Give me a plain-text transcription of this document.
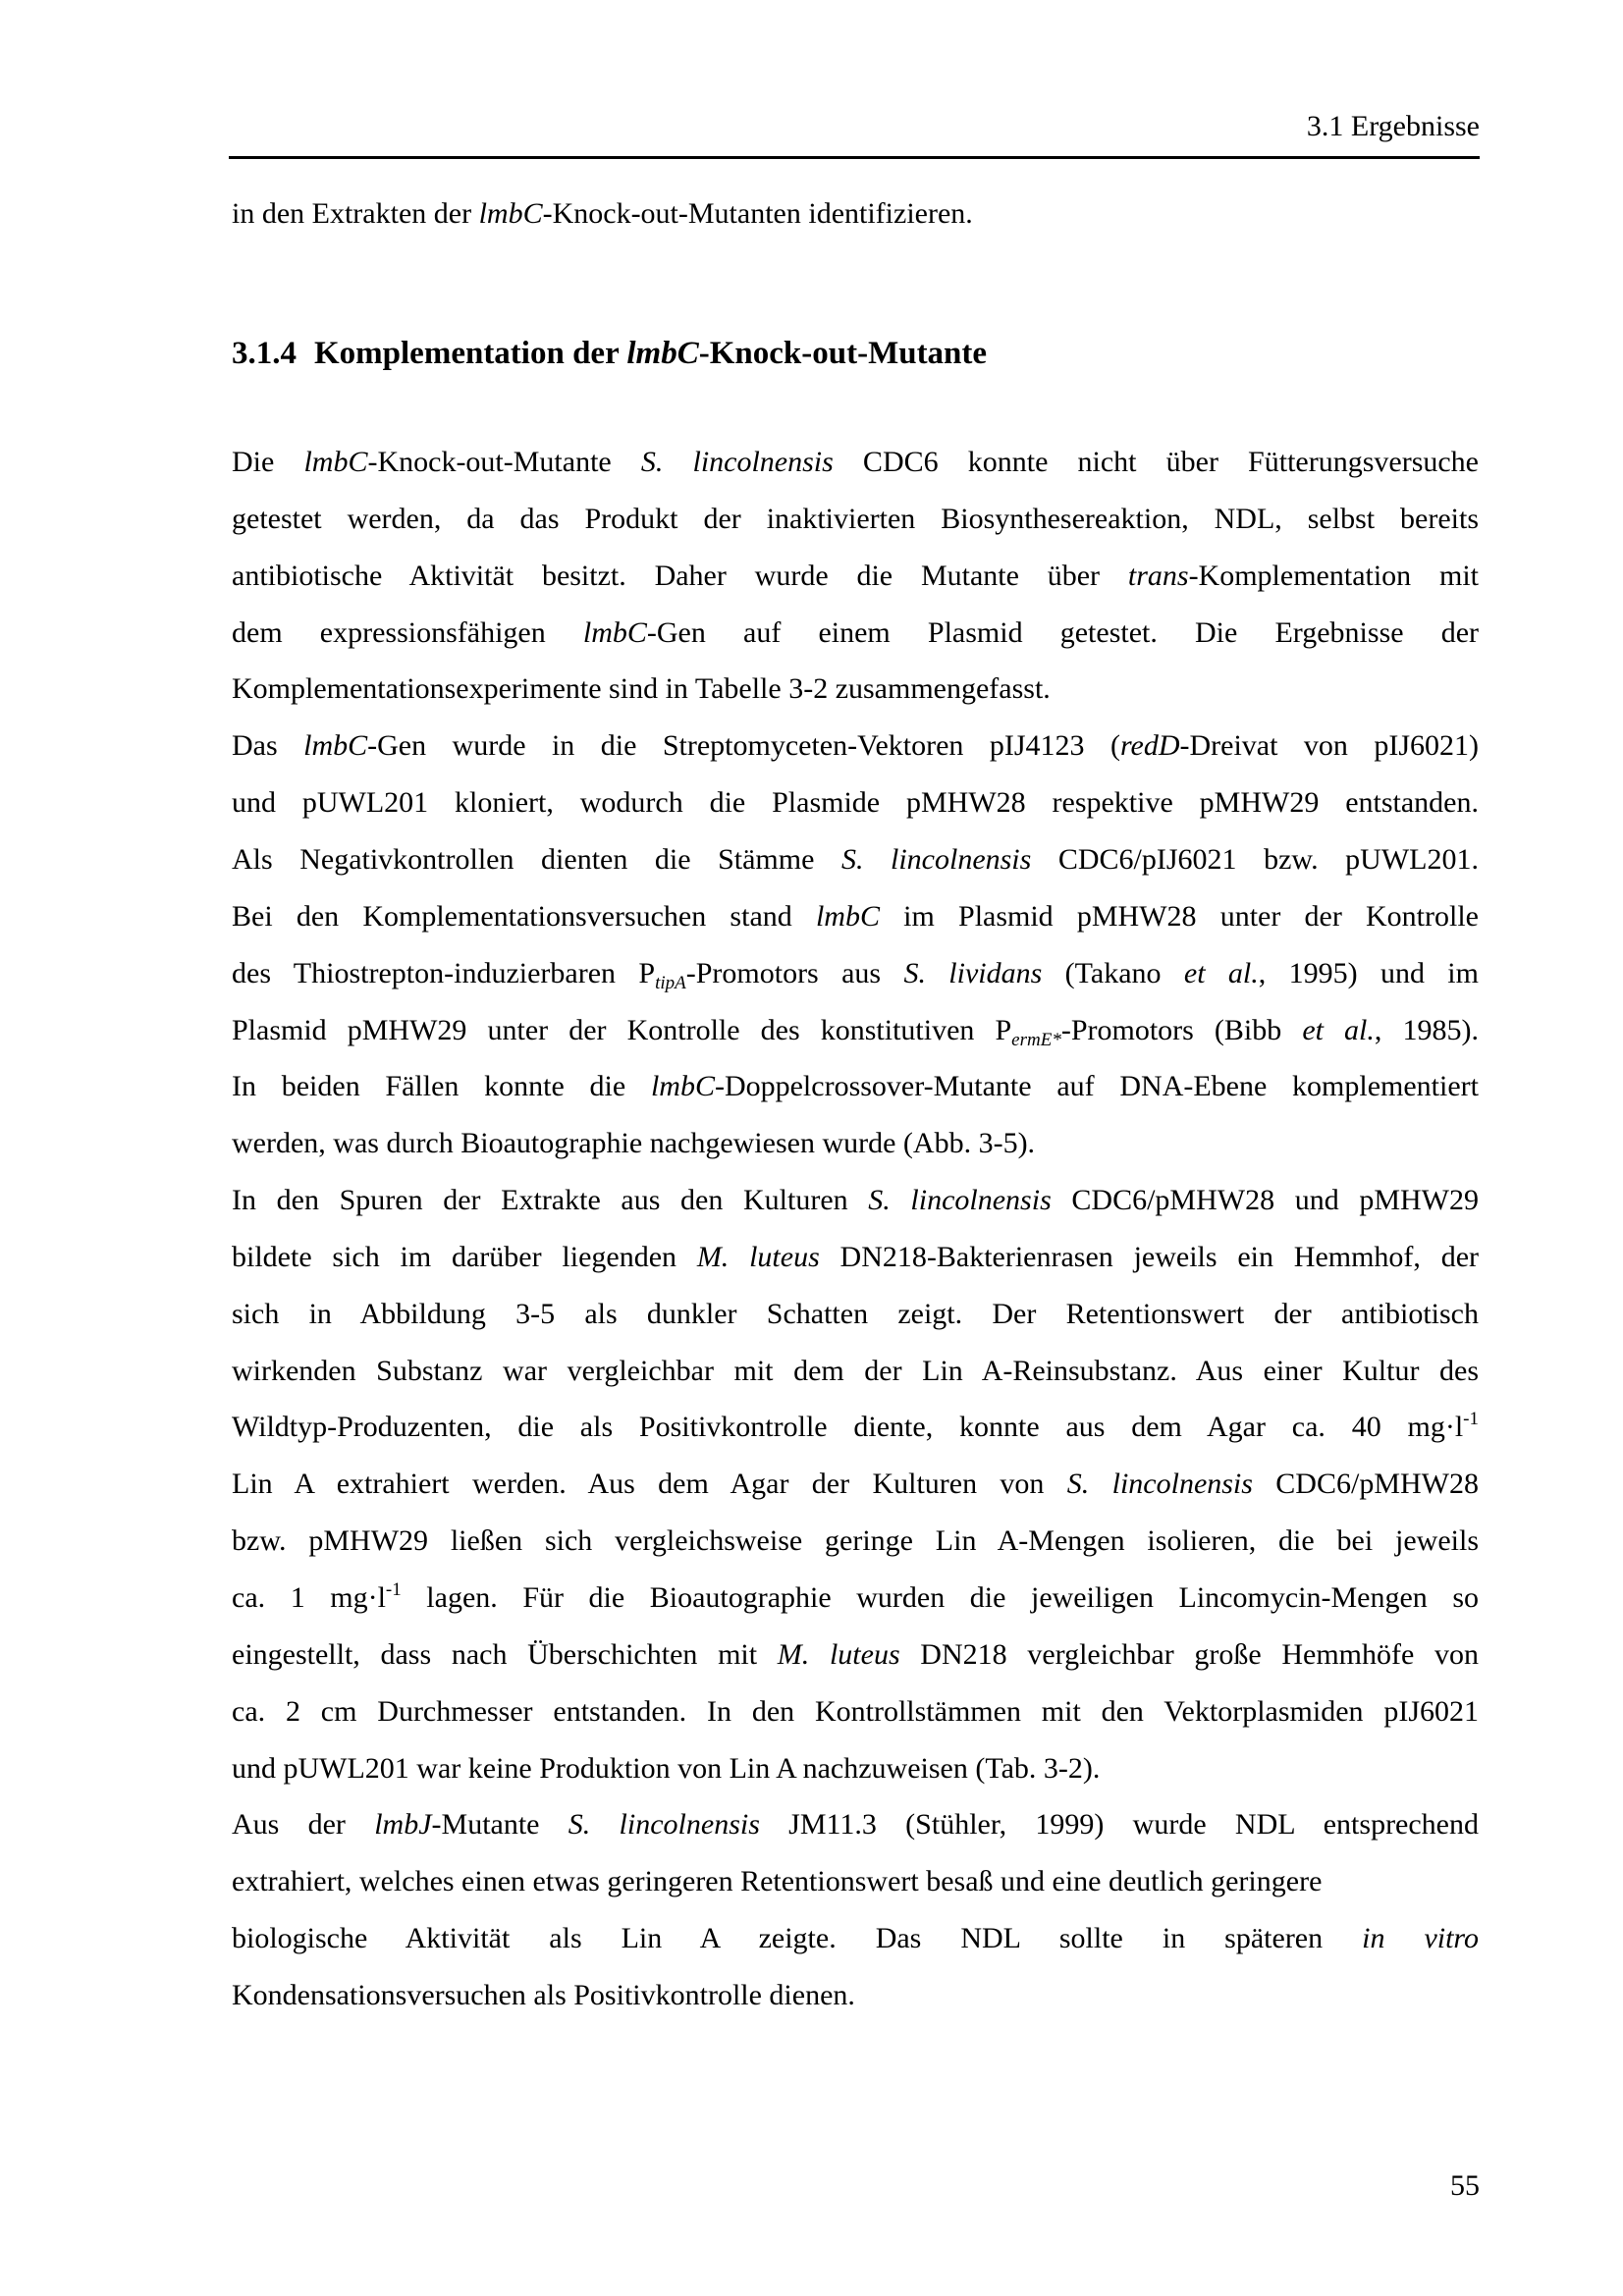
3.1 Ergebnisse
in den Extrakten der lmbC-Knock-out-Mutanten identifizieren.
3.1.4 Komplementation der lmbC-Knock-out-Mutante
Die lmbC-Knock-out-Mutante S. lincolnensis CDC6 konnte nicht über Fütterungsversuche
getestet werden, da das Produkt der inaktivierten Biosynthesereaktion, NDL, selbst bereits
antibiotische Aktivität besitzt. Daher wurde die Mutante über trans-Komplementation mit
dem expressionsfähigen lmbC-Gen auf einem Plasmid getestet. Die Ergebnisse der
Komplementationsexperimente sind in Tabelle 3-2 zusammengefasst.
Das lmbC-Gen wurde in die Streptomyceten-Vektoren pIJ4123 (redD-Dreivat von pIJ6021)
und pUWL201 kloniert, wodurch die Plasmide pMHW28 respektive pMHW29 entstanden.
Als Negativkontrollen dienten die Stämme S. lincolnensis CDC6/pIJ6021 bzw. pUWL201.
Bei den Komplementationsversuchen stand lmbC im Plasmid pMHW28 unter der Kontrolle
des Thiostrepton-induzierbaren $P_{tipA}$-Promotors aus S. lividans (Takano et al., 1995) und im
Plasmid pMHW29 unter der Kontrolle des konstitutiven $P_{ermE*}$-Promotors (Bibb et al., 1985).
In beiden Fällen konnte die lmbC-Doppelcrossover-Mutante auf DNA-Ebene komplementiert
werden, was durch Bioautographie nachgewiesen wurde (Abb. 3-5).
In den Spuren der Extrakte aus den Kulturen S. lincolnensis CDC6/pMHW28 und pMHW29
bildete sich im darüber liegenden M. luteus DN218-Bakterienrasen jeweils ein Hemmhof, der
sich in Abbildung 3-5 als dunkler Schatten zeigt. Der Retentionswert der antibiotisch
wirkenden Substanz war vergleichbar mit dem der Lin A-Reinsubstanz. Aus einer Kultur des
Wildtyp-Produzenten, die als Positivkontrolle diente, konnte aus dem Agar ca. 40 $mg\cdot l^{-1}$
Lin A extrahiert werden. Aus dem Agar der Kulturen von S. lincolnensis CDC6/pMHW28
bzw. pMHW29 ließen sich vergleichsweise geringe Lin A-Mengen isolieren, die bei jeweils
ca. 1 $mg\cdot l^{-1}$ lagen. Für die Bioautographie wurden die jeweiligen Lincomycin-Mengen so
eingestellt, dass nach Überschichten mit M. luteus DN218 vergleichbar große Hemmhöfe von
ca. 2 cm Durchmesser entstanden. In den Kontrollstämmen mit den Vektorplasmiden pIJ6021
und pUWL201 war keine Produktion von Lin A nachzuweisen (Tab. 3-2).
Aus der lmbJ-Mutante S. lincolnensis JM11.3 (Stühler, 1999) wurde NDL entsprechend
extrahiert, welches einen etwas geringeren Retentionswert besaß und eine deutlich geringere
biologische Aktivität als Lin A zeigte. Das NDL sollte in späteren in vitro
Kondensationsversuchen als Positivkontrolle dienen.
55
